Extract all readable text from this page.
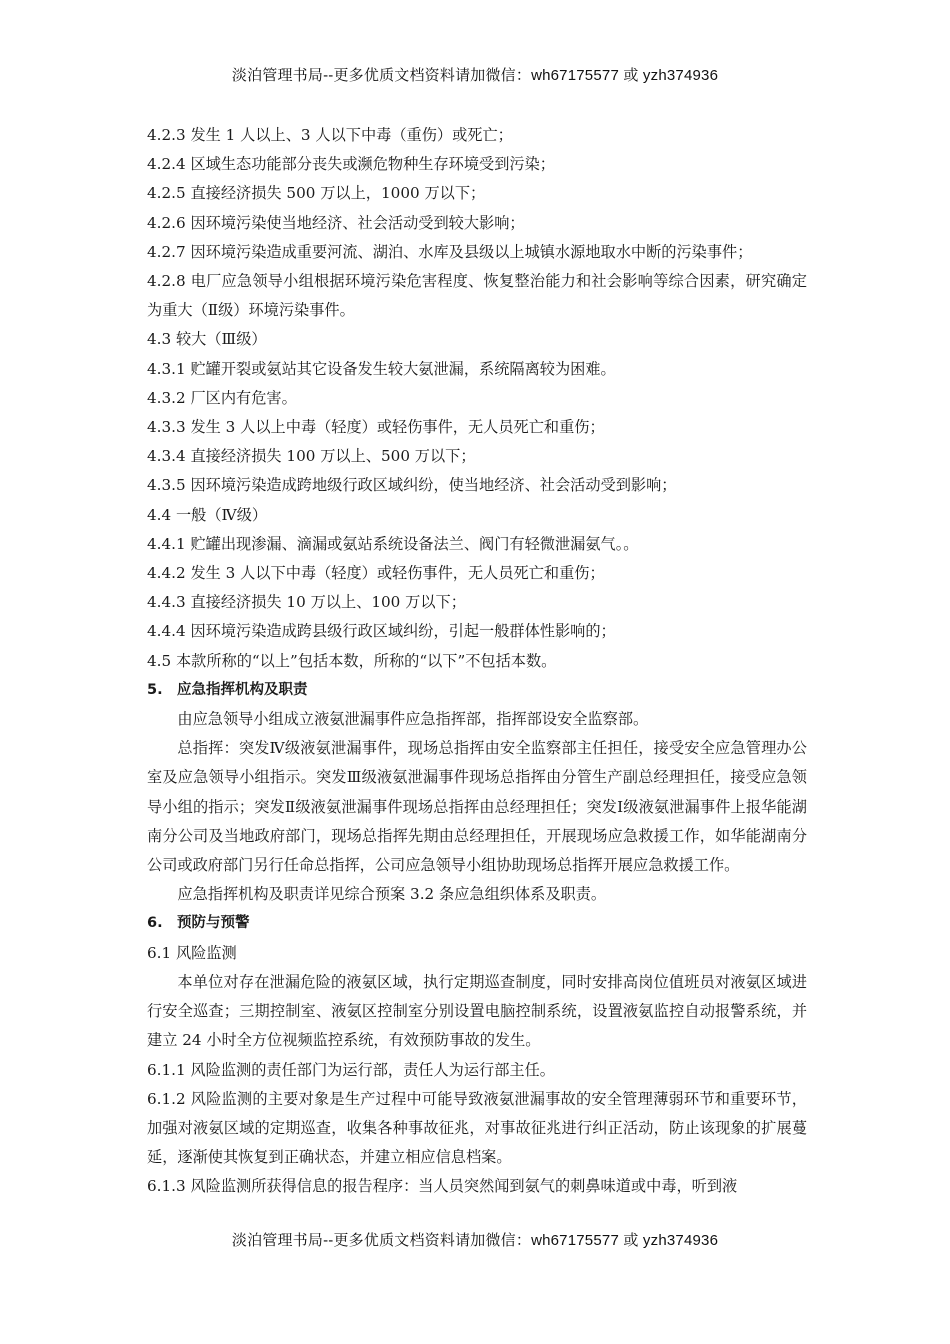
淡泊管理书局--更多优质文档资料请加微信：wh67175577 或 yzh374936

4.2.3 发生 1 人以上、3 人以下中毒（重伤）或死亡；

4.2.4 区域生态功能部分丧失或濒危物种生存环境受到污染；

4.2.5 直接经济损失 500 万以上，1000 万以下；

4.2.6 因环境污染使当地经济、社会活动受到较大影响；

4.2.7 因环境污染造成重要河流、湖泊、水库及县级以上城镇水源地取水中断的污染事件；

4.2.8 电厂应急领导小组根据环境污染危害程度、恢复整治能力和社会影响等综合因素，研究确定为重大（Ⅱ级）环境污染事件。

4.3 较大（Ⅲ级）

4.3.1 贮罐开裂或氨站其它设备发生较大氨泄漏，系统隔离较为困难。

4.3.2 厂区内有危害。

4.3.3 发生 3 人以上中毒（轻度）或轻伤事件，无人员死亡和重伤；

4.3.4 直接经济损失 100 万以上、500 万以下；

4.3.5 因环境污染造成跨地级行政区域纠纷，使当地经济、社会活动受到影响；

4.4 一般（Ⅳ级）

4.4.1 贮罐出现渗漏、滴漏或氨站系统设备法兰、阀门有轻微泄漏氨气。。

4.4.2 发生 3 人以下中毒（轻度）或轻伤事件，无人员死亡和重伤；

4.4.3 直接经济损失 10 万以上、100 万以下；

4.4.4 因环境污染造成跨县级行政区域纠纷，引起一般群体性影响的；

4.5 本款所称的“以上”包括本数，所称的“以下”不包括本数。

5. 应急指挥机构及职责

由应急领导小组成立液氨泄漏事件应急指挥部，指挥部设安全监察部。

总指挥：突发Ⅳ级液氨泄漏事件，现场总指挥由安全监察部主任担任，接受安全应急管理办公室及应急领导小组指示。突发Ⅲ级液氨泄漏事件现场总指挥由分管生产副总经理担任，接受应急领导小组的指示；突发Ⅱ级液氨泄漏事件现场总指挥由总经理担任；突发Ⅰ级液氨泄漏事件上报华能湖南分公司及当地政府部门，现场总指挥先期由总经理担任，开展现场应急救援工作，如华能湖南分公司或政府部门另行任命总指挥，公司应急领导小组协助现场总指挥开展应急救援工作。

应急指挥机构及职责详见综合预案 3.2 条应急组织体系及职责。

6. 预防与预警

6.1 风险监测

本单位对存在泄漏危险的液氨区域，执行定期巡查制度，同时安排高岗位值班员对液氨区域进行安全巡查；三期控制室、液氨区控制室分别设置电脑控制系统，设置液氨监控自动报警系统，并建立 24 小时全方位视频监控系统，有效预防事故的发生。

6.1.1 风险监测的责任部门为运行部，责任人为运行部主任。

6.1.2 风险监测的主要对象是生产过程中可能导致液氨泄漏事故的安全管理薄弱环节和重要环节，加强对液氨区域的定期巡查，收集各种事故征兆，对事故征兆进行纠正活动，防止该现象的扩展蔓延，逐渐使其恢复到正确状态，并建立相应信息档案。

6.1.3 风险监测所获得信息的报告程序：当人员突然闻到氨气的刺鼻味道或中毒，听到液

淡泊管理书局--更多优质文档资料请加微信：wh67175577 或 yzh374936
